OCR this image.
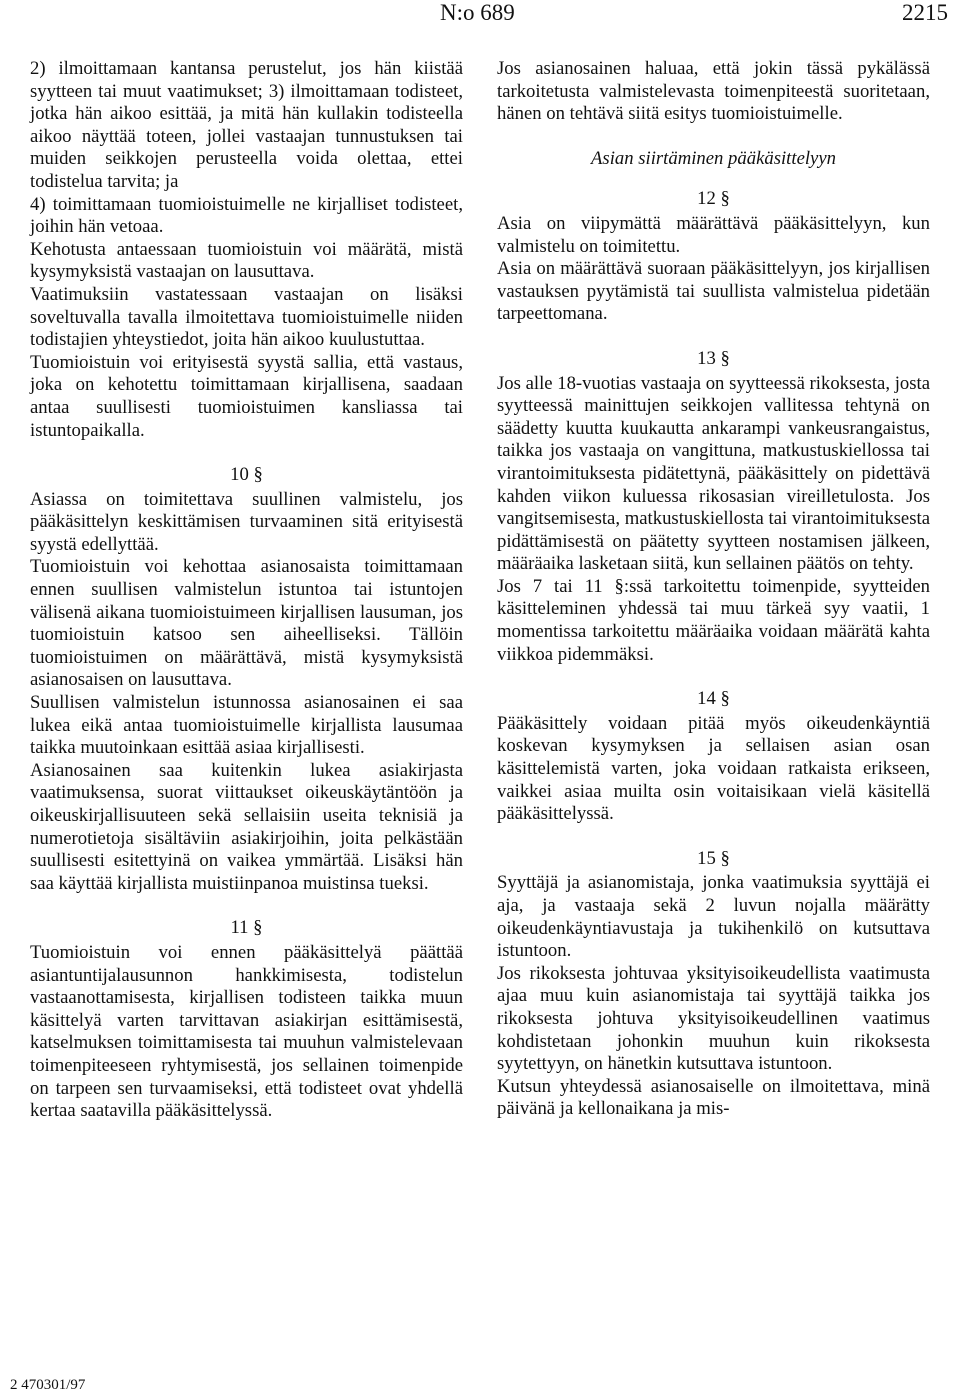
N:o 689	2215

2) ilmoittamaan kantansa perustelut, jos hän kiistää syytteen tai muut vaatimukset; 3) ilmoittamaan todisteet, jotka hän aikoo esittää, ja mitä hän kullakin todisteella aikoo näyttää toteen, jollei vastaajan tunnustuksen tai muiden seikkojen perusteella voida olettaa, ettei todistelua tarvita; ja

4) toimittamaan tuomioistuimelle ne kirjalliset todisteet, joihin hän vetoaa.

Kehotusta antaessaan tuomioistuin voi määrätä, mistä kysymyksistä vastaajan on lausuttava.

Vaatimuksiin vastatessaan vastaajan on lisäksi soveltuvalla tavalla ilmoitettava tuomioistuimelle niiden todistajien yhteystiedot, joita hän aikoo kuulustuttaa.

Tuomioistuin voi erityisestä syystä sallia, että vastaus, joka on kehotettu toimittamaan kirjallisena, saadaan antaa suullisesti tuomioistuimen kansliassa tai istuntopaikalla.

10 §

Asiassa on toimitettava suullinen valmistelu, jos pääkäsittelyn keskittämisen turvaaminen sitä erityisestä syystä edellyttää.

Tuomioistuin voi kehottaa asianosaista toimittamaan ennen suullisen valmistelun istuntoa tai istuntojen välisenä aikana tuomioistuimeen kirjallisen lausuman, jos tuomioistuin katsoo sen aiheelliseksi. Tällöin tuomioistuimen on määrättävä, mistä kysymyksistä asianosaisen on lausuttava.

Suullisen valmistelun istunnossa asianosainen ei saa lukea eikä antaa tuomioistuimelle kirjallista lausumaa taikka muutoinkaan esittää asiaa kirjallisesti.

Asianosainen saa kuitenkin lukea asiakirjasta vaatimuksensa, suorat viittaukset oikeuskäytäntöön ja oikeuskirjallisuuteen sekä sellaisiin useita teknisiä ja numerotietoja sisältäviin asiakirjoihin, joita pelkästään suullisesti esitettyinä on vaikea ymmärtää. Lisäksi hän saa käyttää kirjallista muistiinpanoa muistinsa tueksi.

11 §

Tuomioistuin voi ennen pääkäsittelyä päättää asiantuntijalausunnon hankkimisesta, todistelun vastaanottamisesta, kirjallisen todisteen taikka muun käsittelyä varten tarvittavan asiakirjan esittämisestä, katselmuksen toimittamisesta tai muuhun valmistelevaan toimenpiteeseen ryhtymisestä, jos sellainen toimenpide on tarpeen sen turvaamiseksi, että todisteet ovat yhdellä kertaa saatavilla pääkäsittelyssä.

Jos asianosainen haluaa, että jokin tässä pykälässä tarkoitetusta valmistelevasta toimenpiteestä suoritetaan, hänen on tehtävä siitä esitys tuomioistuimelle.

Asian siirtäminen pääkäsittelyyn
12 §

Asia on viipymättä määrättävä pääkäsittelyyn, kun valmistelu on toimitettu.

Asia on määrättävä suoraan pääkäsittelyyn, jos kirjallisen vastauksen pyytämistä tai suullista valmistelua pidetään tarpeettomana.

13 §

Jos alle 18-vuotias vastaaja on syytteessä rikoksesta, josta syytteessä mainittujen seikkojen vallitessa tehtynä on säädetty kuutta kuukautta ankarampi vankeusrangaistus, taikka jos vastaaja on vangittuna, matkustuskiellossa tai virantoimituksesta pidätettynä, pääkäsittely on pidettävä kahden viikon kuluessa rikosasian vireilletulosta. Jos vangitsemisesta, matkustuskiellosta tai virantoimituksesta pidättämisestä on päätetty syytteen nostamisen jälkeen, määräaika lasketaan siitä, kun sellainen päätös on tehty.

Jos 7 tai 11 §:ssä tarkoitettu toimenpide, syytteiden käsitteleminen yhdessä tai muu tärkeä syy vaatii, 1 momentissa tarkoitettu määräaika voidaan määrätä kahta viikkoa pidemmäksi.

14 §

Pääkäsittely voidaan pitää myös oikeudenkäyntiä koskevan kysymyksen ja sellaisen asian osan käsittelemistä varten, joka voidaan ratkaista erikseen, vaikkei asiaa muilta osin voitaisikaan vielä käsitellä pääkäsittelyssä.

15 §

Syyttäjä ja asianomistaja, jonka vaatimuksia syyttäjä ei aja, ja vastaaja sekä 2 luvun nojalla määrätty oikeudenkäyntiavustaja ja tukihenkilö on kutsuttava istuntoon.

Jos rikoksesta johtuvaa yksityisoikeudellista vaatimusta ajaa muu kuin asianomistaja tai syyttäjä taikka jos rikoksesta johtuva yksityisoikeudellinen vaatimus kohdistetaan johonkin muuhun kuin rikoksesta syytettyyn, on hänetkin kutsuttava istuntoon.

Kutsun yhteydessä asianosaiselle on ilmoitettava, minä päivänä ja kellonaikana ja mis-

2 470301/97
